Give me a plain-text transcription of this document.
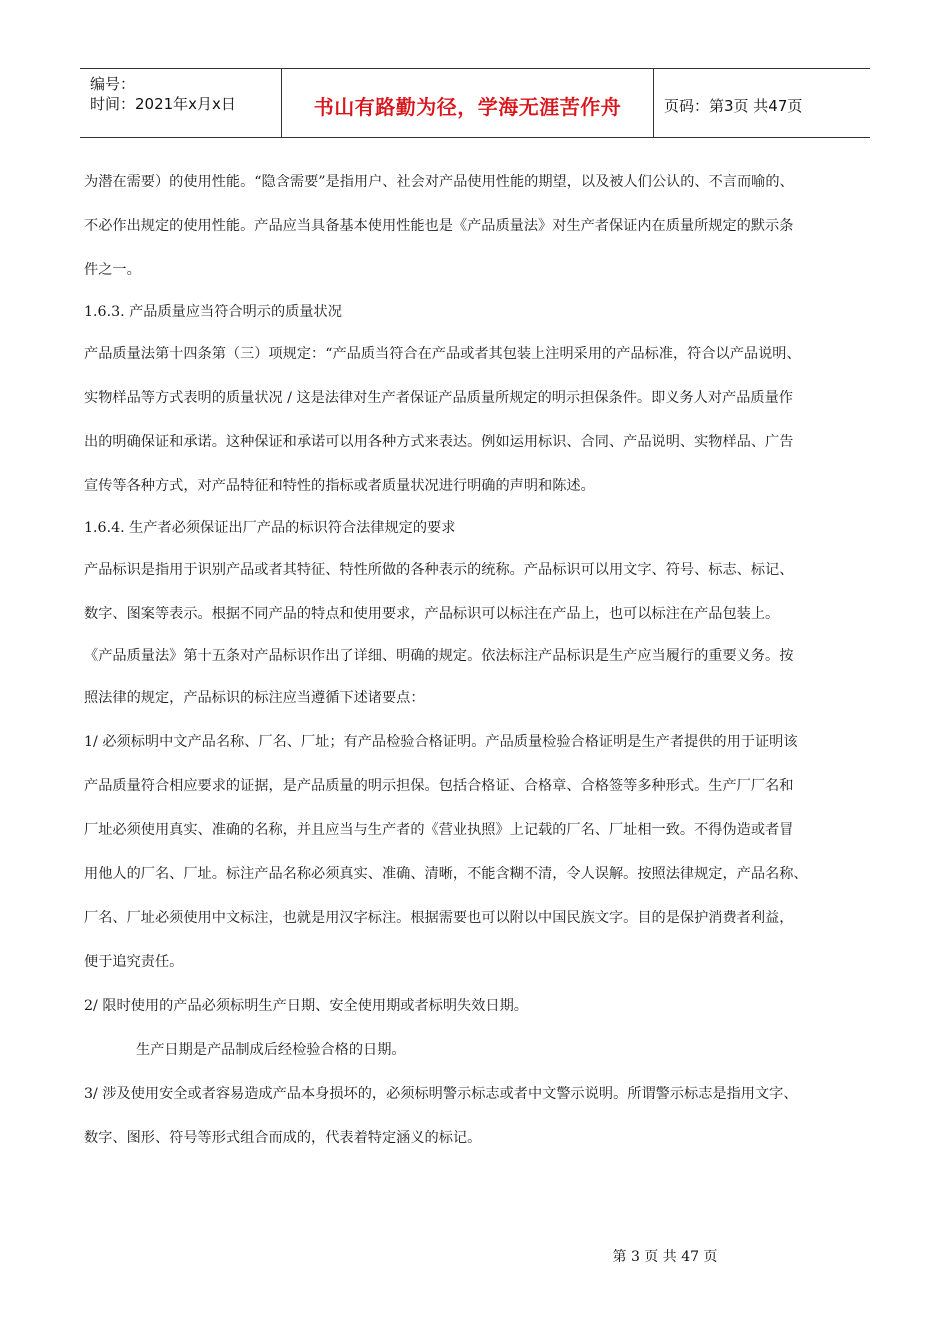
编号：
时间：2021年x月x日	书山有路勤为径，学海无涯苦作舟	页码：第3页 共47页

为潜在需要）的使用性能。“隐含需要”是指用户、社会对产品使用性能的期望，以及被人们公认的、不言而喻的、

不必作出规定的使用性能。产品应当具备基本使用性能也是《产品质量法》对生产者保证内在质量所规定的默示条

件之一。

1.6.3. 产品质量应当符合明示的质量状况

产品质量法第十四条第（三）项规定：“产品质当符合在产品或者其包装上注明采用的产品标准，符合以产品说明、

实物样品等方式表明的质量状况 / 这是法律对生产者保证产品质量所规定的明示担保条件。即义务人对产品质量作

出的明确保证和承诺。这种保证和承诺可以用各种方式来表达。例如运用标识、合同、产品说明、实物样品、广告

宣传等各种方式，对产品特征和特性的指标或者质量状况进行明确的声明和陈述。

1.6.4. 生产者必须保证出厂产品的标识符合法律规定的要求

产品标识是指用于识别产品或者其特征、特性所做的各种表示的统称。产品标识可以用文字、符号、标志、标记、

数字、图案等表示。根据不同产品的特点和使用要求，产品标识可以标注在产品上，也可以标注在产品包装上。

《产品质量法》第十五条对产品标识作出了详细、明确的规定。依法标注产品标识是生产应当履行的重要义务。按

照法律的规定，产品标识的标注应当遵循下述诸要点：

1/ 必须标明中文产品名称、厂名、厂址；有产品检验合格证明。产品质量检验合格证明是生产者提供的用于证明该

产品质量符合相应要求的证据，是产品质量的明示担保。包括合格证、合格章、合格签等多种形式。生产厂厂名和

厂址必须使用真实、准确的名称，并且应当与生产者的《营业执照》上记载的厂名、厂址相一致。不得伪造或者冒

用他人的厂名、厂址。标注产品名称必须真实、准确、清晰，不能含糊不清，令人误解。按照法律规定，产品名称、

厂名、厂址必须使用中文标注，也就是用汉字标注。根据需要也可以附以中国民族文字。目的是保护消费者利益，

便于追究责任。

2/ 限时使用的产品必须标明生产日期、安全使用期或者标明失效日期。

生产日期是产品制成后经检验合格的日期。

3/ 涉及使用安全或者容易造成产品本身损坏的，必须标明警示标志或者中文警示说明。所谓警示标志是指用文字、

数字、图形、符号等形式组合而成的，代表着特定涵义的标记。

第 3 页 共 47 页
